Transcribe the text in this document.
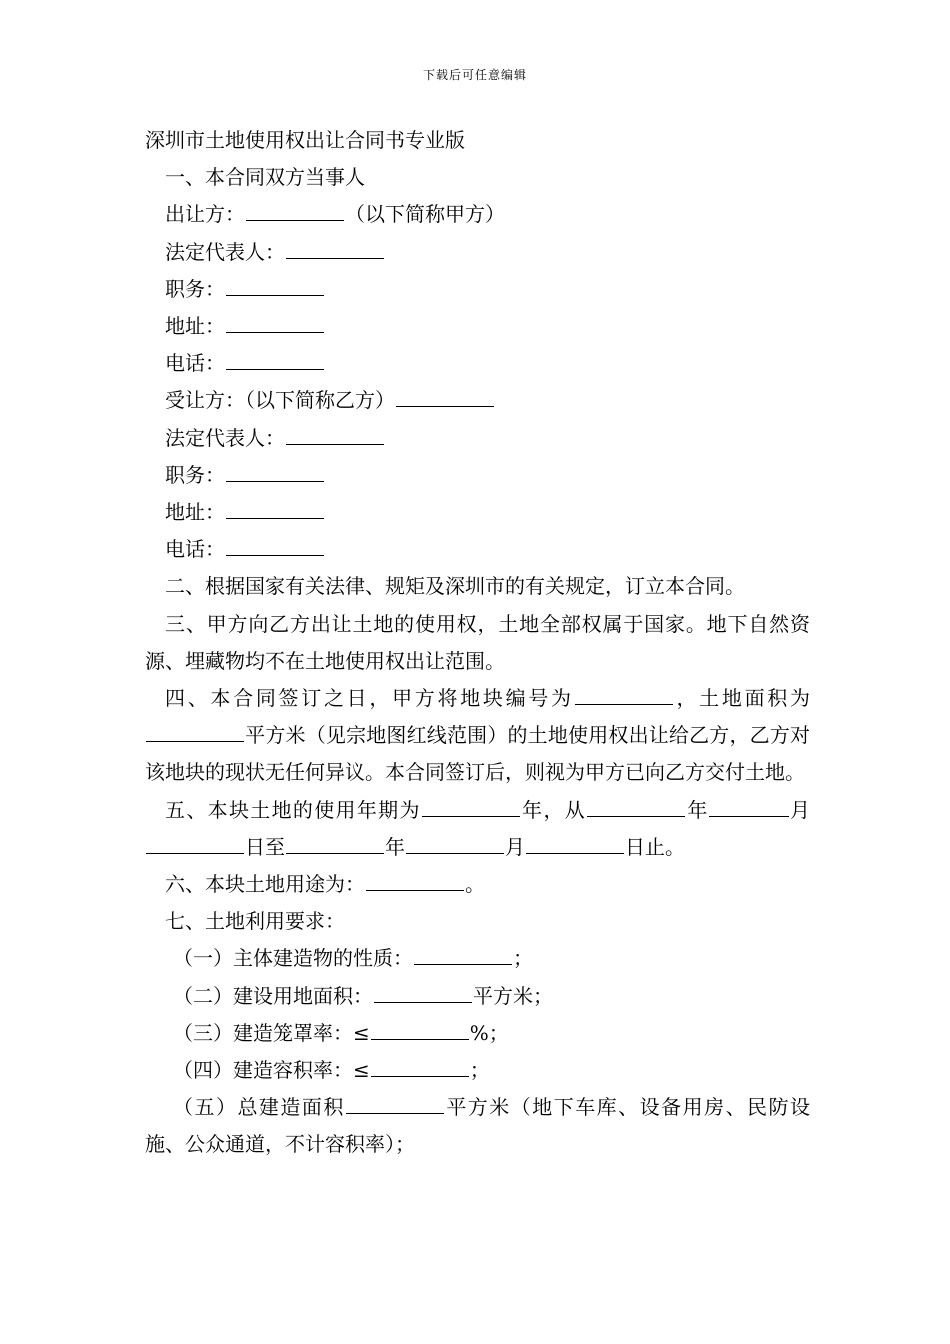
下载后可任意编辑

深圳市土地使用权出让合同书专业版

一、本合同双方当事人

出让方：	（以下简称甲方）

法定代表人：

职务：

地址：

电话：

受让方：（以下简称乙方）

法定代表人：

职务：

地址：

电话：

二、根据国家有关法律、规矩及深圳市的有关规定，订立本合同。

三、甲方向乙方出让土地的使用权，土地全部权属于国家。地下自然资源、埋藏物均不在土地使用权出让范围。

四、本合同签订之日，甲方将地块编号为	，土地面积为平方米（见宗地图红线范围）的土地使用权出让给乙方，乙方对该地块的现状无任何异议。本合同签订后，则视为甲方已向乙方交付土地。

五、本块土地的使用年期为	年，从	年	月日至	年	月	日止。

六、本块土地用途为：	。

七、土地利用要求：

（一）主体建造物的性质：	；

（二）建设用地面积：	平方米；

（三）建造笼罩率：≤	%；

（四）建造容积率：≤	；

（五）总建造面积	平方米（地下车库、设备用房、民防设施、公众通道，不计容积率）；
